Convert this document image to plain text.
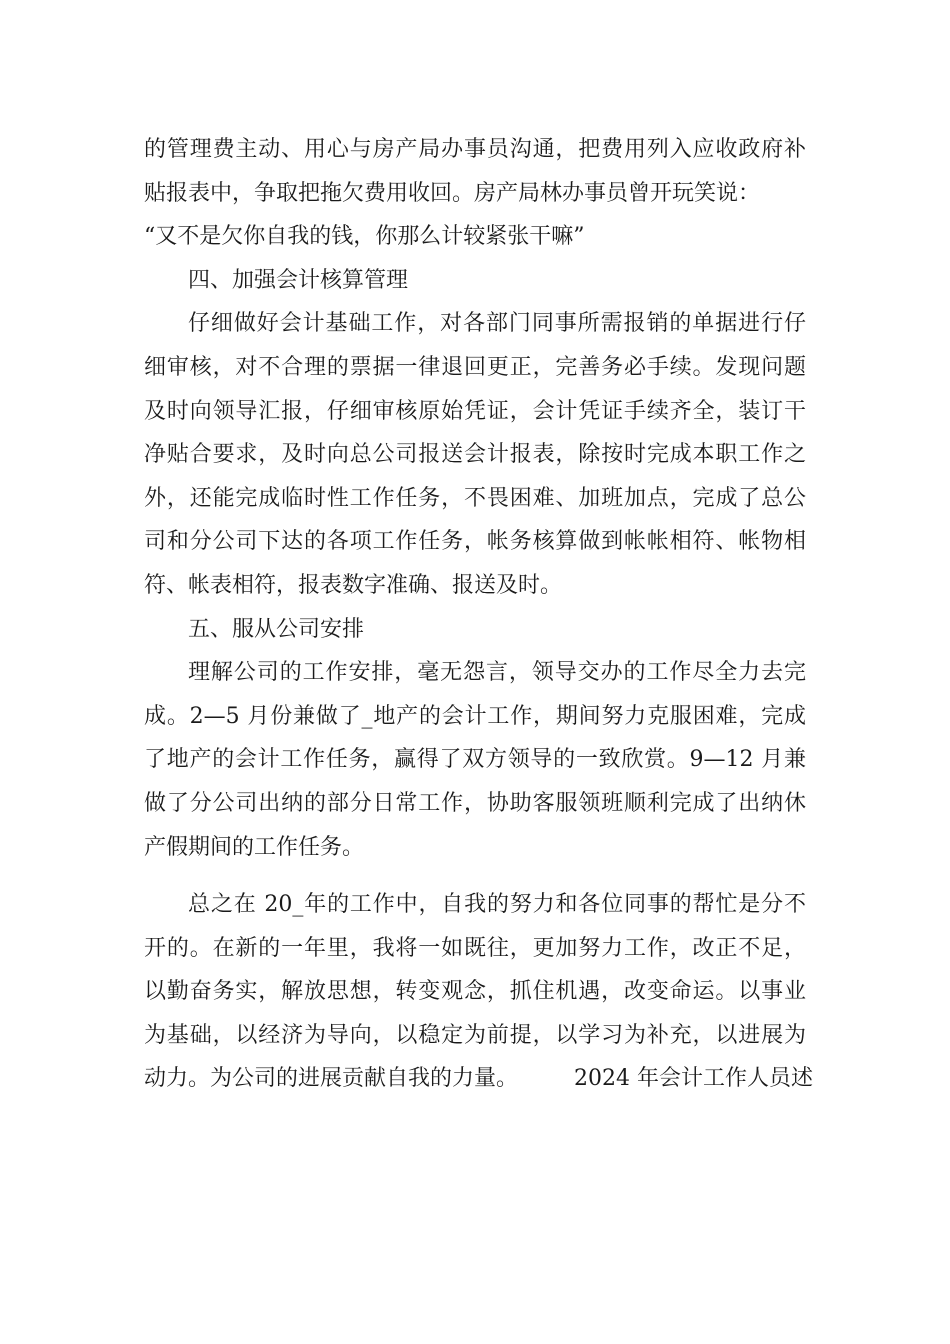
的管理费主动、用心与房产局办事员沟通，把费用列入应收政府补
贴报表中，争取把拖欠费用收回。房产局林办事员曾开玩笑说：
“又不是欠你自我的钱，你那么计较紧张干嘛”
四、加强会计核算管理
仔细做好会计基础工作，对各部门同事所需报销的单据进行仔
细审核，对不合理的票据一律退回更正，完善务必手续。发现问题
及时向领导汇报，仔细审核原始凭证，会计凭证手续齐全，装订干
净贴合要求，及时向总公司报送会计报表，除按时完成本职工作之
外，还能完成临时性工作任务，不畏困难、加班加点，完成了总公
司和分公司下达的各项工作任务，帐务核算做到帐帐相符、帐物相
符、帐表相符，报表数字准确、报送及时。
五、服从公司安排
理解公司的工作安排，毫无怨言，领导交办的工作尽全力去完
成。2—5 月份兼做了_地产的会计工作，期间努力克服困难，完成
了地产的会计工作任务，赢得了双方领导的一致欣赏。9—12 月兼
做了分公司出纳的部分日常工作，协助客服领班顺利完成了出纳休
产假期间的工作任务。
总之在 20_年的工作中，自我的努力和各位同事的帮忙是分不
开的。在新的一年里，我将一如既往，更加努力工作，改正不足，
以勤奋务实，解放思想，转变观念，抓住机遇，改变命运。以事业
为基础，以经济为导向，以稳定为前提，以学习为补充，以进展为
动力。为公司的进展贡献自我的力量。	2024 年会计工作人员述
